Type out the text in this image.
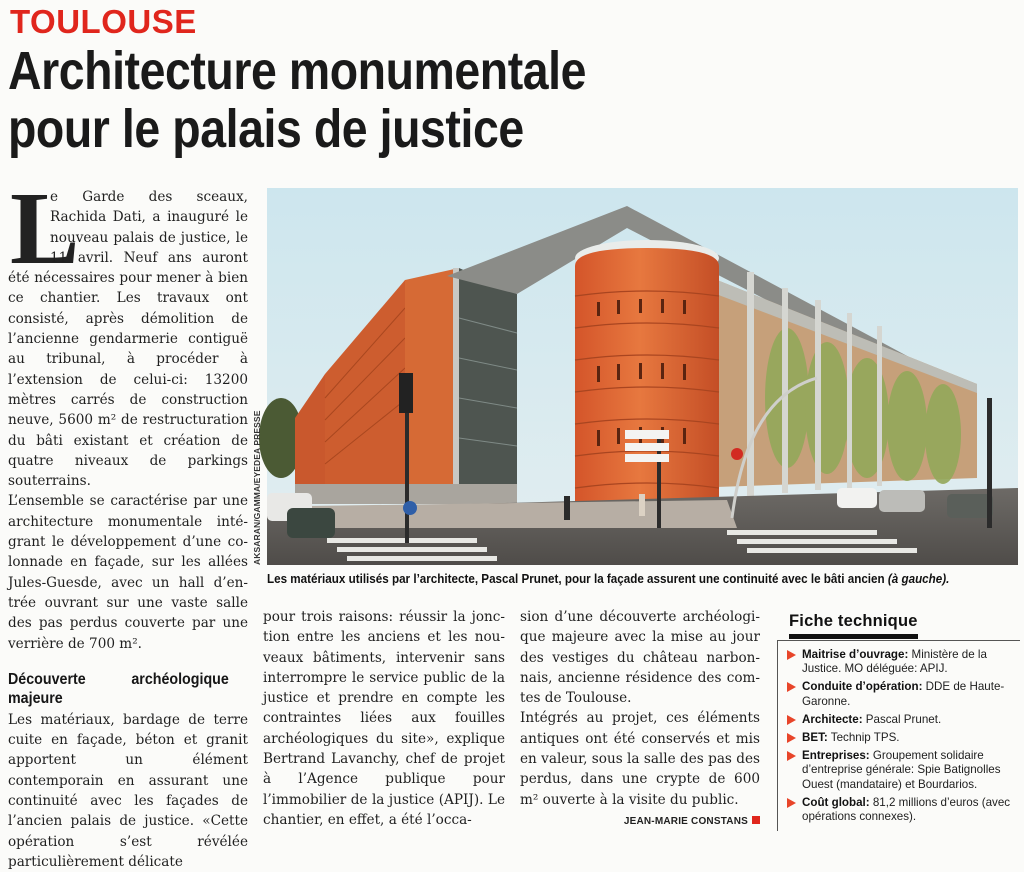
TOULOUSE
Architecture monumentale
pour le palais de justice

L
e Garde des sceaux, Rachida Dati, a inauguré le nouveau palais de justice, le 11 avril. Neuf ans auront été nécessaires pour mener à bien ce chantier. Les travaux ont consisté, après démolition de l’ancienne gendarmerie contiguë au tribunal, à procéder à l’extension de celui-ci: 13200 mètres carrés de construction neuve, 5600 m² de restructuration du bâti existant et création de quatre niveaux de parkings souterrains.

L’ensemble se caractérise par une architecture monumentale intégrant le développement d’une colonnade en façade, sur les allées Jules-Guesde, avec un hall d’entrée ouvrant sur une vaste salle des pas perdus couverte par une verrière de 700 m².

Découverte archéologique majeure

Les matériaux, bardage de terre cuite en façade, béton et granit apportent un élément contemporain en assurant une continuité avec les façades de l’ancien palais de justice. «Cette opération s’est révélée particulièrement délicate

AKSARAN/GAMMA/EYEDEA PRESSE
Les matériaux utilisés par l’architecte, Pascal Prunet, pour la façade assurent une continuité avec le bâti ancien (à gauche).

pour trois raisons: réussir la jonction entre les anciens et les nouveaux bâtiments, intervenir sans interrompre le service public de la justice et prendre en compte les contraintes liées aux fouilles archéologiques du site», explique Bertrand Lavanchy, chef de projet à l’Agence publique pour l’immobilier de la justice (APIJ). Le chantier, en effet, a été l’occa-

sion d’une découverte archéologique majeure avec la mise au jour des vestiges du château narbonnais, ancienne résidence des comtes de Toulouse.

Intégrés au projet, ces éléments antiques ont été conservés et mis en valeur, sous la salle des pas des perdus, dans une crypte de 600 m² ouverte à la visite du public.

JEAN-MARIE CONSTANS

Fiche technique
Maitrise d’ouvrage: Ministère de la Justice. MO déléguée: APIJ.
Conduite d’opération: DDE de Haute-Garonne.
Architecte: Pascal Prunet.
BET: Technip TPS.
Entreprises: Groupement solidaire d’entreprise générale: Spie Batignolles Ouest (mandataire) et Bourdarios.
Coût global: 81,2 millions d’euros (avec opérations connexes).
